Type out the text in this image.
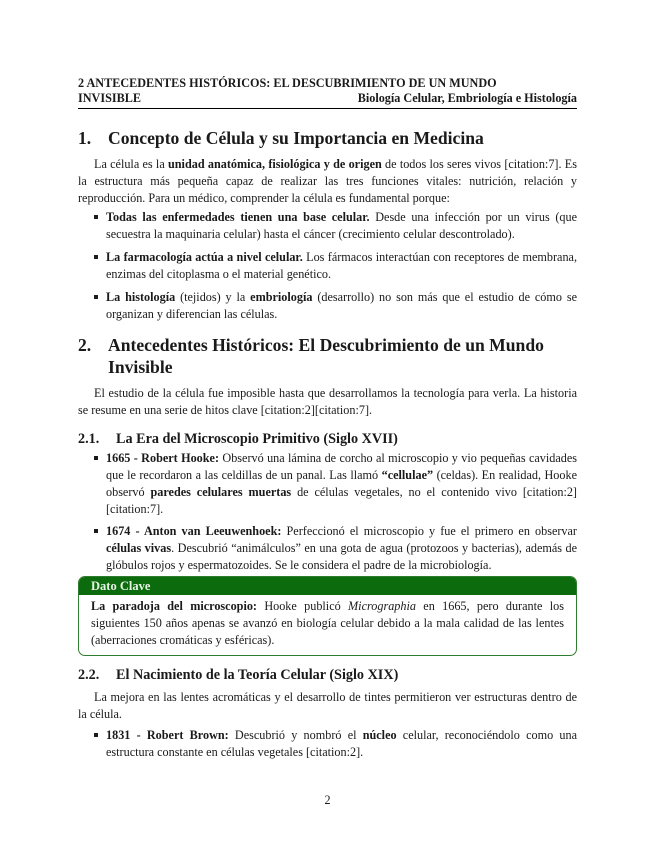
2 ANTECEDENTES HISTÓRICOS: EL DESCUBRIMIENTO DE UN MUNDO
INVISIBLE	Biología Celular, Embriología e Histología
1. Concepto de Célula y su Importancia en Medicina

La célula es la unidad anatómica, fisiológica y de origen de todos los seres vivos [citation:7]. Es la estructura más pequeña capaz de realizar las tres funciones vitales: nutrición, relación y reproducción. Para un médico, comprender la célula es fundamental porque:

Todas las enfermedades tienen una base celular. Desde una infección por un virus (que secuestra la maquinaria celular) hasta el cáncer (crecimiento celular descontrolado).
La farmacología actúa a nivel celular. Los fármacos interactúan con receptores de membrana, enzimas del citoplasma o el material genético.
La histología (tejidos) y la embriología (desarrollo) no son más que el estudio de cómo se organizan y diferencian las células.
2. Antecedentes Históricos: El Descubrimiento de un Mundo Invisible

El estudio de la célula fue imposible hasta que desarrollamos la tecnología para verla. La historia se resume en una serie de hitos clave [citation:2][citation:7].

2.1. La Era del Microscopio Primitivo (Siglo XVII)
1665 - Robert Hooke: Observó una lámina de corcho al microscopio y vio pequeñas cavidades que le recordaron a las celdillas de un panal. Las llamó “cellulae” (celdas). En realidad, Hooke observó paredes celulares muertas de células vegetales, no el contenido vivo [citation:2][citation:7].
1674 - Anton van Leeuwenhoek: Perfeccionó el microscopio y fue el primero en observar células vivas. Descubrió “animálculos” en una gota de agua (protozoos y bacterias), además de glóbulos rojos y espermatozoides. Se le considera el padre de la microbiología.
Dato Clave
La paradoja del microscopio: Hooke publicó Micrographia en 1665, pero durante los siguientes 150 años apenas se avanzó en biología celular debido a la mala calidad de las lentes (aberraciones cromáticas y esféricas).
2.2. El Nacimiento de la Teoría Celular (Siglo XIX)

La mejora en las lentes acromáticas y el desarrollo de tintes permitieron ver estructuras dentro de la célula.

1831 - Robert Brown: Descubrió y nombró el núcleo celular, reconociéndolo como una estructura constante en células vegetales [citation:2].
2
